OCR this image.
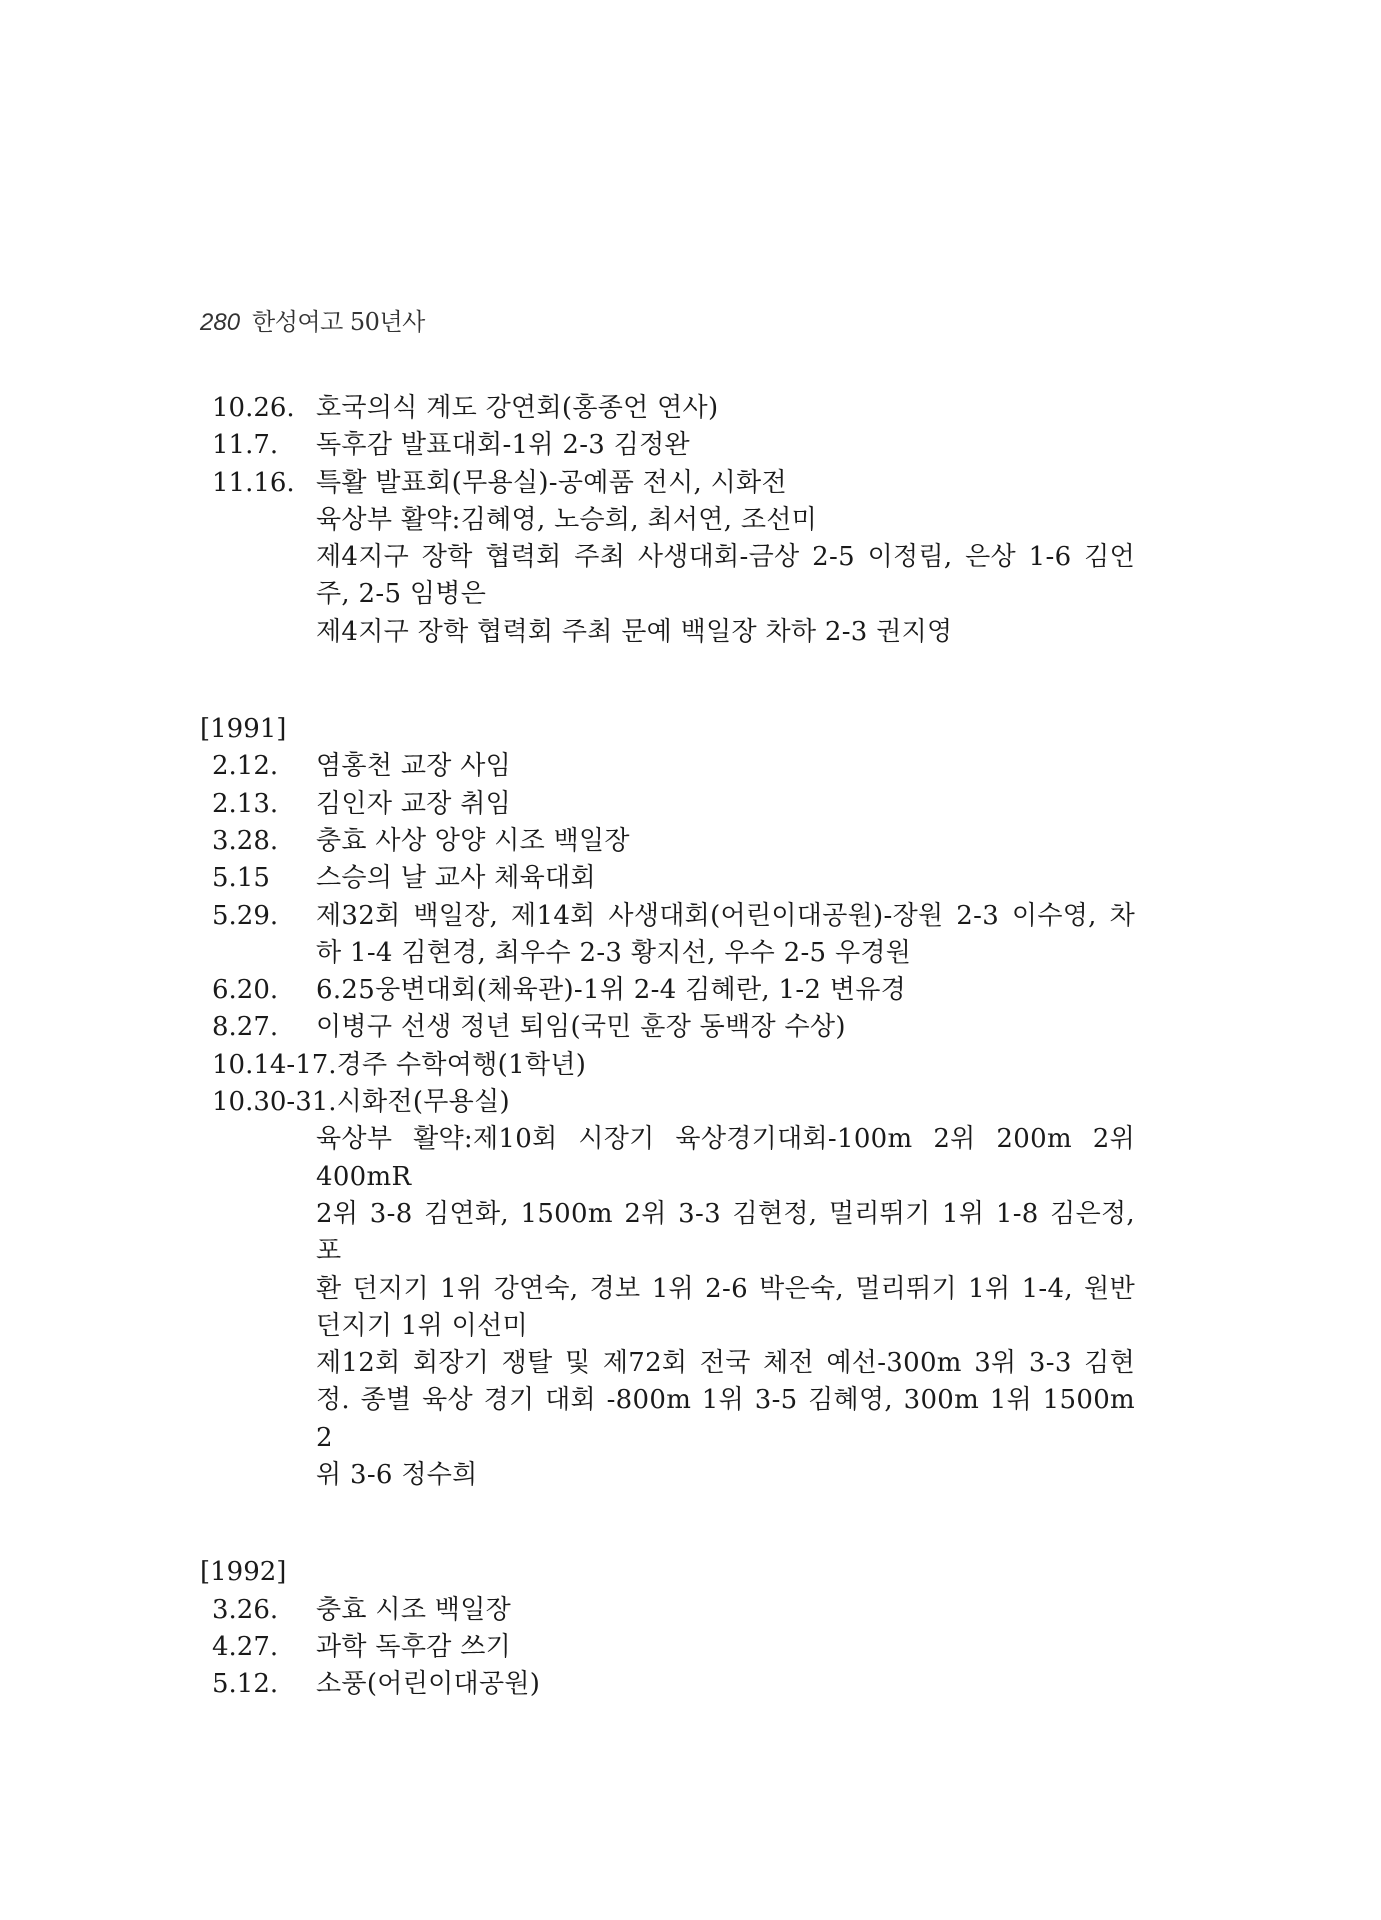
280 한성여고 50년사
10.26. 호국의식 계도 강연회(홍종언 연사)

11.7.	독후감 발표대회-1위 2-3 김정완

11.16. 특활 발표회(무용실)-공예품 전시, 시화전

육상부 활약:김혜영, 노승희, 최서연, 조선미

제4지구 장학 협력회 주최 사생대회-금상 2-5 이정림, 은상 1-6 김언

주, 2-5 임병은

제4지구 장학 협력회 주최 문예 백일장 차하 2-3 권지영

[1991]

2.12.	염홍천 교장 사임

2.13.	김인자 교장 취임

3.28.	충효 사상 앙양 시조 백일장

5.15	스승의 날 교사 체육대회

5.29.	제32회 백일장, 제14회 사생대회(어린이대공원)-장원 2-3 이수영, 차

하 1-4 김현경, 최우수 2-3 황지선, 우수 2-5 우경원

6.20.	6.25웅변대회(체육관)-1위 2-4 김혜란, 1-2 변유경

8.27.	이병구 선생 정년 퇴임(국민 훈장 동백장 수상)

10.14-17. 경주 수학여행(1학년)

10.30-31. 시화전(무용실)

육상부 활약:제10회 시장기 육상경기대회-100m 2위 200m 2위 400mR

2위 3-8 김연화, 1500m 2위 3-3 김현정, 멀리뛰기 1위 1-8 김은정, 포

환 던지기 1위 강연숙, 경보 1위 2-6 박은숙, 멀리뛰기 1위 1-4, 원반

던지기 1위 이선미

제12회 회장기 쟁탈 및 제72회 전국 체전 예선-300m 3위 3-3 김현

정. 종별 육상 경기 대회 -800m 1위 3-5 김혜영, 300m 1위 1500m 2

위 3-6 정수희

[1992]

3.26.	충효 시조 백일장

4.27.	과학 독후감 쓰기

5.12.	소풍(어린이대공원)
